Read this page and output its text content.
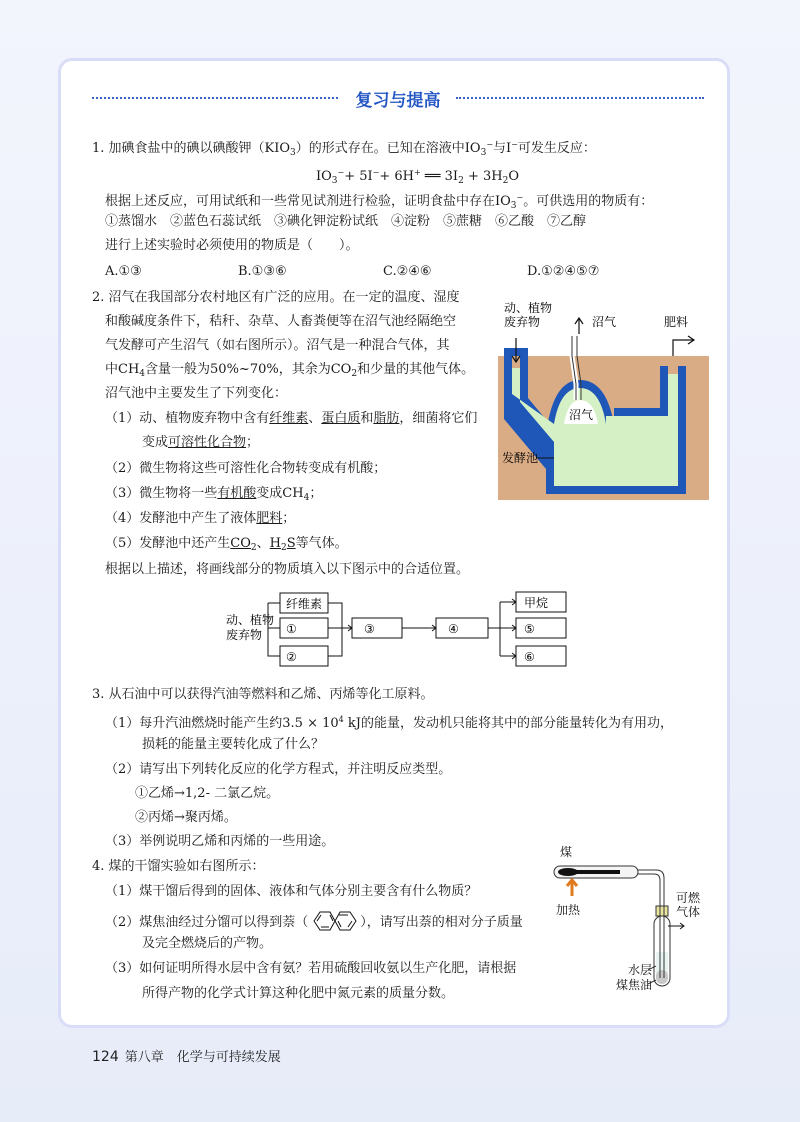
复习与提高
1. 加碘食盐中的碘以碘酸钾$(KIO_3)$的形式存在。已知在溶液中$IO_3^-$与I−可发生反应：
$IO_3^-+ 5I^-+ 6H^+$ ══ $3I_2 + 3H_2O$
根据上述反应，可用试纸和一些常见试剂进行检验，证明食盐中存在$IO_3^-$。可供选用的物质有：
①蒸馏水　②蓝色石蕊试纸　③碘化钾淀粉试纸　④淀粉　⑤蔗糖　⑥乙酸　⑦乙醇
进行上述实验时必须使用的物质是（　　）。
A.①③	B.①③⑥	C.②④⑥	D.①②④⑤⑦
2. 沼气在我国部分农村地区有广泛的应用。在一定的温度、湿度
和酸碱度条件下，秸秆、杂草、人畜粪便等在沼气池经隔绝空
气发酵可产生沼气（如右图所示）。沼气是一种混合气体，其
中$CH_4$含量一般为50%~70%，其余为$CO_2$和少量的其他气体。
沼气池中主要发生了下列变化：
（1）动、植物废弃物中含有纤维素、蛋白质和脂肪，细菌将它们
变成可溶性化合物；
（2）微生物将这些可溶性化合物转变成有机酸；
（3）微生物将一些有机酸变成$CH_4$；
（4）发酵池中产生了液体肥料；
（5）发酵池中还产生$CO_2$、$H_2S$等气体。
根据以上描述，将画线部分的物质填入以下图示中的合适位置。
动、植物
废弃物	沼气	肥料
沼气
发酵池
动、植物
废弃物
纤维素
①
②
③	④
甲烷
⑤
⑥
3. 从石油中可以获得汽油等燃料和乙烯、丙烯等化工原料。
（1）每升汽油燃烧时能产生约$3.5 \times 10^4$ kJ的能量，发动机只能将其中的部分能量转化为有用功，
损耗的能量主要转化成了什么？
（2）请写出下列转化反应的化学方程式，并注明反应类型。
①乙烯→1,2- 二氯乙烷。
②丙烯→聚丙烯。
（3）举例说明乙烯和丙烯的一些用途。
4. 煤的干馏实验如右图所示：
（1）煤干馏后得到的固体、液体和气体分别主要含有什么物质？
（2）煤焦油经过分馏可以得到萘（	），请写出萘的相对分子质量
及完全燃烧后的产物。
（3）如何证明所得水层中含有氨？若用硫酸回收氨以生产化肥，请根据
所得产物的化学式计算这种化肥中氮元素的质量分数。
煤
加热
可燃
气体
水层
煤焦油
124 第八章　化学与可持续发展
